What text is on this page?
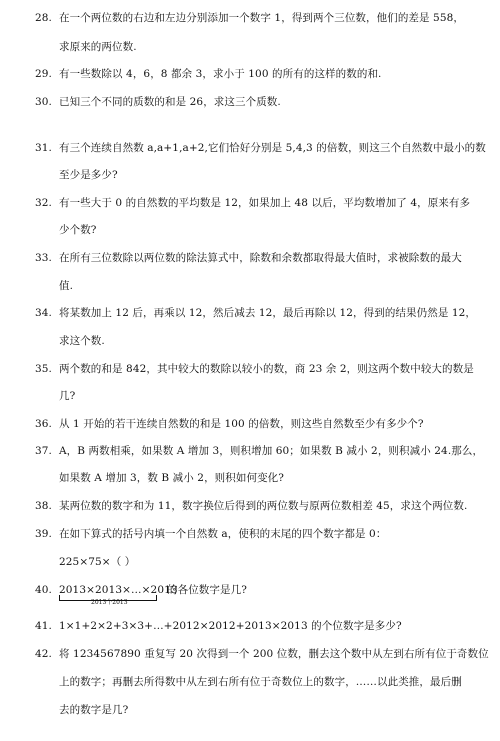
28. 在一个两位数的右边和左边分别添加一个数字 1，得到两个三位数，他们的差是 558，
求原来的两位数.
29. 有一些数除以 4，6，8 都余 3，求小于 100 的所有的这样的数的和.
30. 已知三个不同的质数的和是 26，求这三个质数.
31. 有三个连续自然数 a,a+1,a+2,它们恰好分别是 5,4,3 的倍数，则这三个自然数中最小的数
至少是多少?
32. 有一些大于 0 的自然数的平均数是 12，如果加上 48 以后，平均数增加了 4，原来有多
少个数?
33. 在所有三位数除以两位数的除法算式中，除数和余数都取得最大值时，求被除数的最大
值.
34. 将某数加上 12 后，再乘以 12，然后减去 12，最后再除以 12，得到的结果仍然是 12，
求这个数.
35. 两个数的和是 842，其中较大的数除以较小的数，商 23 余 2，则这两个数中较大的数是
几?
36. 从 1 开始的若干连续自然数的和是 100 的倍数，则这些自然数至少有多少个?
37. A，B 两数相乘，如果数 A 增加 3，则积增加 60；如果数 B 减小 2，则积减小 24.那么，
如果数 A 增加 3，数 B 减小 2，则积如何变化?
38. 某两位数的数字和为 11，数字换位后得到的两位数与原两位数相差 45，求这个两位数.
39. 在如下算式的括号内填一个自然数 a，使积的末尾的四个数字都是 0：
225×75×（ ）
40. 2013×2013×…×2013
的各位数字是几?
2013个2013
41. 1×1+2×2+3×3+…+2012×2012+2013×2013 的个位数字是多少?
42. 将 1234567890 重复写 20 次得到一个 200 位数，删去这个数中从左到右所有位于奇数位
上的数字；再删去所得数中从左到右所有位于奇数位上的数字，……以此类推，最后删
去的数字是几?
